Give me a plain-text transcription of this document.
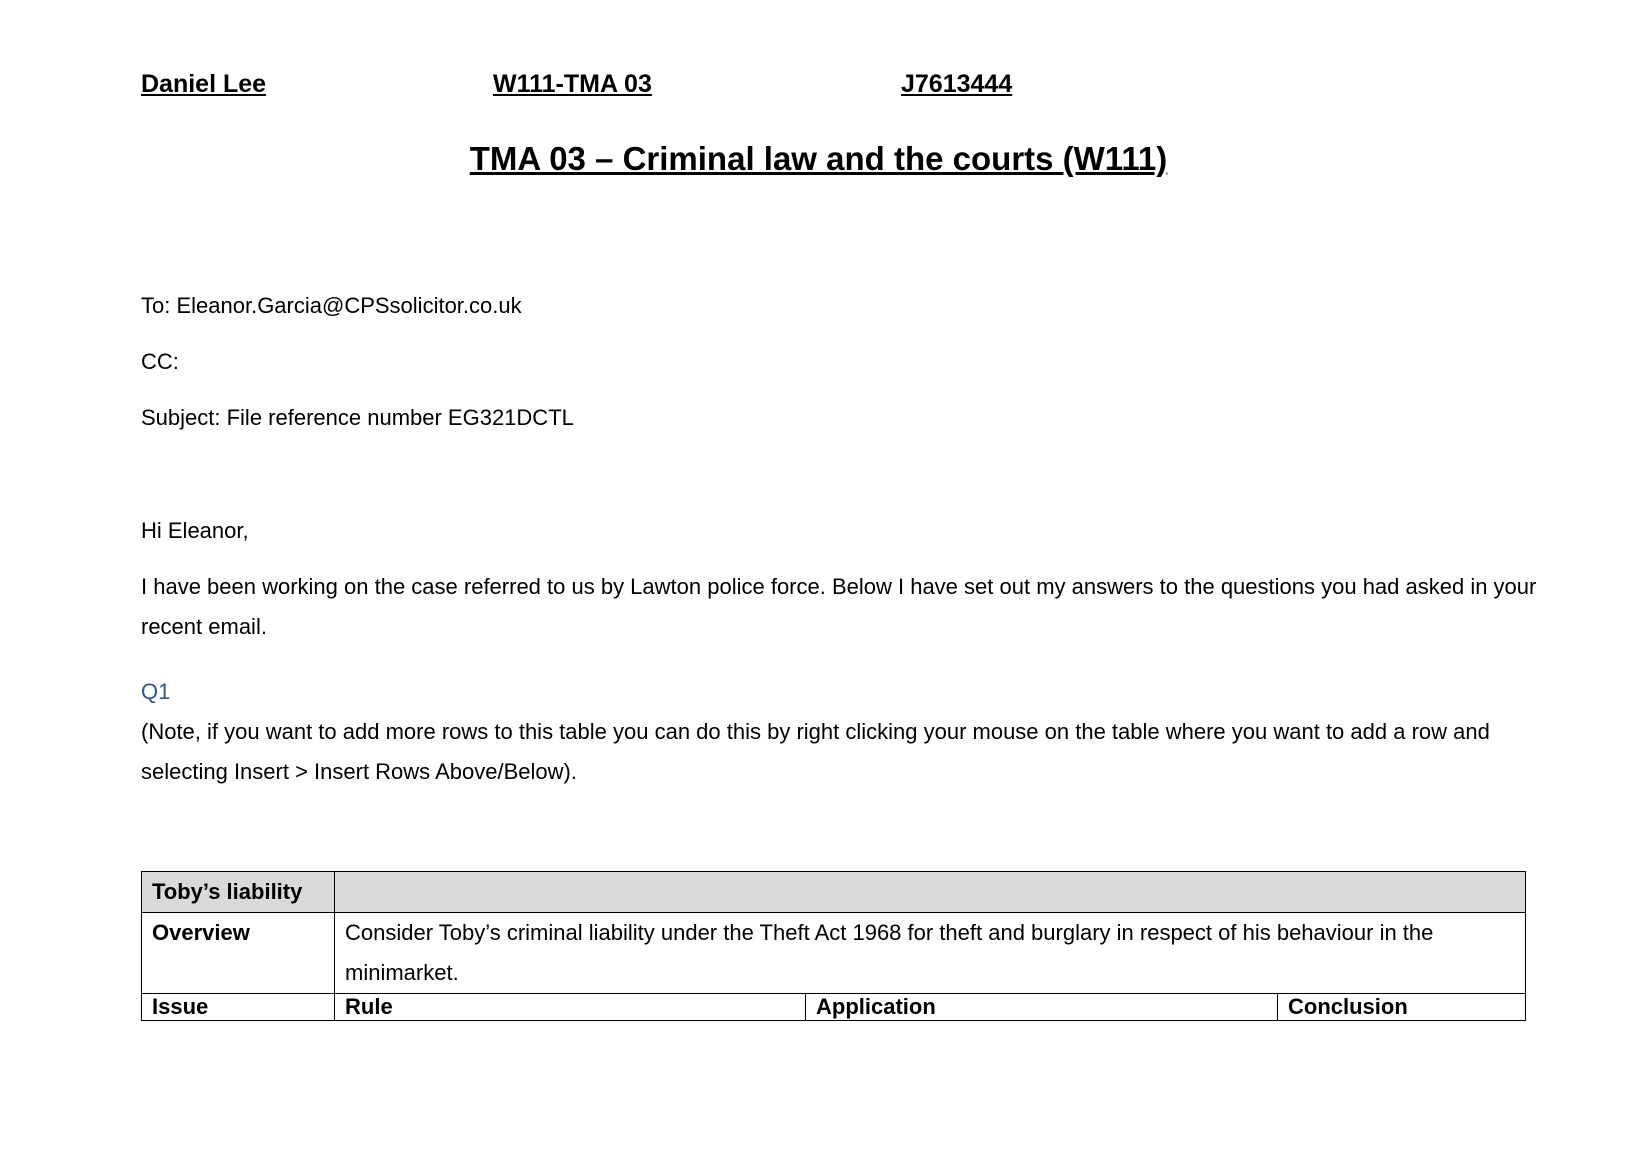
Daniel Lee	W111-TMA 03	J7613444
TMA 03 – Criminal law and the courts (W111)
To: Eleanor.Garcia@CPSsolicitor.co.uk
CC:
Subject: File reference number EG321DCTL
Hi Eleanor,
I have been working on the case referred to us by Lawton police force. Below I have set out my answers to the questions you had asked in your recent email.
Q1
(Note, if you want to add more rows to this table you can do this by right clicking your mouse on the table where you want to add a row and selecting Insert > Insert Rows Above/Below).
Toby’s liability			
Overview	Consider Toby’s criminal liability under the Theft Act 1968 for theft and burglary in respect of his behaviour in the minimarket.		
Issue	Rule	Application	Conclusion
